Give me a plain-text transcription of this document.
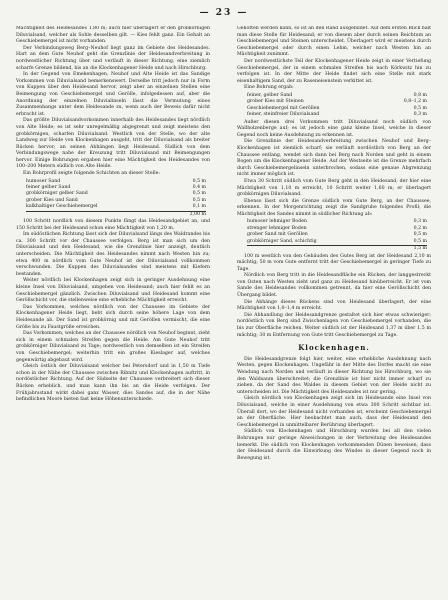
— 23 —

Mächtigkeit des Heidesandes 1,80 m; auch hier überlagert er den grobkörnigen Diluvialsand, welcher als Sohle desselben gilt. — Kies fehlt ganz. Ein Gehalt an Geschiebemergel ist nicht vorhanden.

Der Verbindungsweg Berg–Neuhof liegt ganz im Gebiete des Heidesandes. Hart an dem Gute Neuhof geht die Grenzlinie der Heidesandverbreitung in nordwestlicher Richtung über und verläuft in dieser Richtung, eine ziemlich scharfe Grenze bildend, bis an die Klockenhagener Heide und nach Hirschburg.

In der Gegend von Emekenhagen, Neuhof und Alte Heide ist das Sandige Vorkommen von Diluvialsand bemerkenswert. Derselbe tritt jedoch nur in Form von Kuppen über den Heidesand hervor, zeigt aber an einzelnen Stellen eine Beimengung von Geschiebemergel und Gerölle, infolgedessen auf, aber die Anordnung der einzelnen Diluvialinseln lässt die Vermutung eines Zusammenhangs unter dem Heidesande zu, wenn auch der Beweis dafür nicht erbracht ist.

Das größte Diluvialsandvorkommen innerhalb des Heidesandes liegt nördlich von Alte Heide; es ist sehr unregelmäßig abgegrenzt und zeigt meistens den grobkörnigen, scharfen Diluvialsand. Westlich von der Stelle, wo der alte Landweg zur Heide von Klockenhagen ausgeht, tritt der Diluvialsand als breiter Rücken hervor; an seinen Abhängen liegt Heidesand. Südlich von dem Verbindungswege nahe der Kreuzung tritt Diluvialsand mit Beimengungen hervor. Einige Bohrungen ergaben hier eine Mächtigkeit des Heidesandes von 100–200 Metern südlich von Alte Heide.

Ein Bohrprofil zeigte folgende Schichten an dieser Stelle:

humoser Sand	0,5 m
feiner gelber Sand	0,4 m
grobkörniger gelber Sand	0,5 m
grober Kies und Sand	0,5 m
kalkhaltiger Geschiebemergel	0,1 m
	2,00 m

100 Schritt nordlich von diesem Punkte fängt das Heidesandgebiet an, und 150 Schritt bei der Heidesand schon eine Mächtigkeit von 1,20 m.

Im südöstlichen Richtung lässt sich der Diluvialsand längs des Waldrandes bis ca. 300 Schritt vor der Chaussee verfolgen. Berg ist man sich um den Diluvialsand und den Heidesand, wie die Grenzlinie hier anzeigt, deutlich unterscheiden. Die Mächtigkeit des Heidesandes nimmt nach Westen hin zu; etwa 400 m nördlich vom Gute Neuhof ist der Diluvialsand vollkommen verschwunden. Die Kuppen des Diluvialsandes sind meistens mit Kiefern bestanden.

Weiter nördlich bei Klockenhagen zeigt sich in geringer Ausdehnung eine kleine Insel von Diluvialsand, umgeben von Heidesand; auch hier fehlt es an Geschiebemergel gänzlich. Zwischen Diluvialsand und Heidesand kommt eine Geröllschicht vor, die stellenweise eine erhebliche Mächtigkeit erreicht.

Das Vorkommen, welches nördlich von der Chaussee im Gebiete der Klockenhagener Heide liegt, hebt sich durch seine höhere Lage von dem Heidesande ab. Der Sand ist grobkörnig und mit Geröllen vermischt, die eine Größe bis zu Faustgröße erreichen.

Das Vorkommen, welches an der Chaussee nördlich von Neuhof beginnt, zieht sich in einem schmalen Streifen gegen die Heide. Am Gute Neuhof tritt grobkörniger Diluvialsand zu Tage; nordwestlich von demselben ist ein Streifen von Geschiebemergel; weiterhin tritt ein großes Kieslager auf, welches gegenwärtig abgebaut wird.

Gleich östlich der Diluvialsand welcher bei Petersdorf und in 1,50 m Tiefe schon in der Nähe der Chaussee zwischen Ribnitz und Klockenhagen auftritt, in nordöstlicher Richtung. Auf der Südseite der Chaussee verbreitert sich dieser Rücken erheblich, und man kann ihn bis an die Heide verfolgen. Der Frühjahrsstand wirkt dabei ganz Wasser, dies Sandes auf, die in der Nähe befindlichen Moore bieten fast keine Höhenunterschiede.

Gehöften werden kann, so ist an den Rand ausgebildet. Auf dem ersten Blick hält man diese Stelle für Heidesand; er von diesem aber durch seinen Reichtum an Geschiebemergel und Steinen unterscheidet. Überlagert wird er meistens durch Geschiebemergel oder durch einen Lehm, welcher nach Westen hin an Mächtigkeit zunimmt.

Der nordwestlichste Teil der Klockenhagener Heide zeigt in einer Vertiefung Geschiebemergel, der in einem schmalen Streifen bis nach Körkwitz hin zu verfolgen ist. In der Mitte der Heide findet sich eine Stelle mit stark eisenhaltigem Sand, der zu Raseneisenstein verkittet ist.

Eine Bohrung ergab:

feiner, gelber Sand	0,8 m
grober Kies mit Steinen	0,8–1,2 m
Geschiebemergel mit Geröllen	0,5 m
feiner, steinfreier Diluvialsand	0,3 m

Außer diesen drei Vorkommen tritt Diluvialsand noch südlich von Wallholzenberge auf; es ist jedoch eine ganz kleine Insel, welche in dieser Gegend noch keine Ausdehnung zu erkennen ist.

Die Grenzlinie der Heidesandverbreitung zwischen Neuhof und Berg–Klockenhagen ist ziemlich scharf; sie verläuft nordöstlich von Berg an der Chaussee entlang, wendet sich dann bei Berg nach Norden und geht in einem Bogen um die Klockenhagener Heide. Auf der Westseite ist die Grenze mehrfach durch Geschiebemergelinseln unterbrochen, sodass eine genaue Abgrenzung nicht immer möglich ist.

Etwa 30 Schritt südlich vom Gute Berg geht in den Heidesand, der hier eine Mächtigkeit von 1,10 m erreicht, 10 Schritt weiter 1,60 m; er überlagert grobkörnigen Diluvialsand.

Ebenso lässt sich die Grenze südlich vom Gute Berg, an der Chaussee, erkennen. In der Morgenrichtung zeigt die Sandgrube folgendes Profil; die Mächtigkeit des Sandes nimmt in südlicher Richtung ab:

humoser lehmiger Boden	0,3 m
strenger lehmiger Boden	0,2 m
grober Sand mit Geröllen	0,5 m
grobkörniger Sand, schichtig	0,5 m
	1,5 m

100 m westlich von den Gebäuden des Gutes Berg ist der Heidesand 2,10 m mächtig; 50 m vom Gute entfernt tritt der Geschiebemergel in geringer Tiefe zu Tage.

Nördlich von Berg tritt in die Heidesandfläche ein Rücken, der langgestreckt von Osten nach Westen zieht und ganz zu Heidesand hinüberreicht. Er ist vom Sande des Heidesandes vollkommen getrennt, da hier eine Geröllschicht den Übergang bildet.

Die Abhänge dieses Rückens sind von Heidesand überlagert, der eine Mächtigkeit von 1,0–1,4 m erreicht.

Die Abhandlung der Heidesandgrenze gestaltet sich hier etwas schwieriger; nordöstlich von Berg sind Zwischenlagen von Geschiebemergel vorhanden, die bis zur Oberfläche reichen. Weiter südlich ist der Heidesand 1,37 m über 1,5 m mächtig; 30 m Entfernung von Gute tritt Geschiebemergel zu Tage.

Klockenhagen.

Die Heidesandgrenze folgt hier, weiter, eine erhebliche Ausdehnung nach Westen, gegen Klockenhagen. Ungefähr in der Mitte des Dorfes macht sie eine Wendung nach Norden und verläuft in dieser Richtung bis Hirschburg, wo sie den Waldsaum überschreitet; die Grenzlinie ist hier nicht immer scharf zu ziehen, da der Sand des Waldes in diesem Gebiet von der Heide nicht zu unterscheiden ist. Die Mächtigkeit des Heidesandes ist nur gering.

Gleich nördlich von Klockenhagen zeigt sich im Heidesande eine Insel von Diluvialsand, welche in einer Ausdehnung von etwa 300 Schritt sichtbar ist. Überall dort, wo der Heidesand nicht vorhanden ist, erscheint Geschiebemergel an der Oberfläche. Hier beobachtet man auch, dass der Heidesand den Geschiebemergel in unmittelbarer Berührung überlagert.

Südlich von Klockenhagen und Hirschburg wurden bei all den vielen Bohrungen nur geringe Abweichungen in der Verbreitung des Heidesandes bemerkt. Die südlich von Klockenhagen vorkommenden Dünen beweisen, dass der Heidesand durch die Einwirkung des Windes in dieser Gegend noch in Bewegung ist.
